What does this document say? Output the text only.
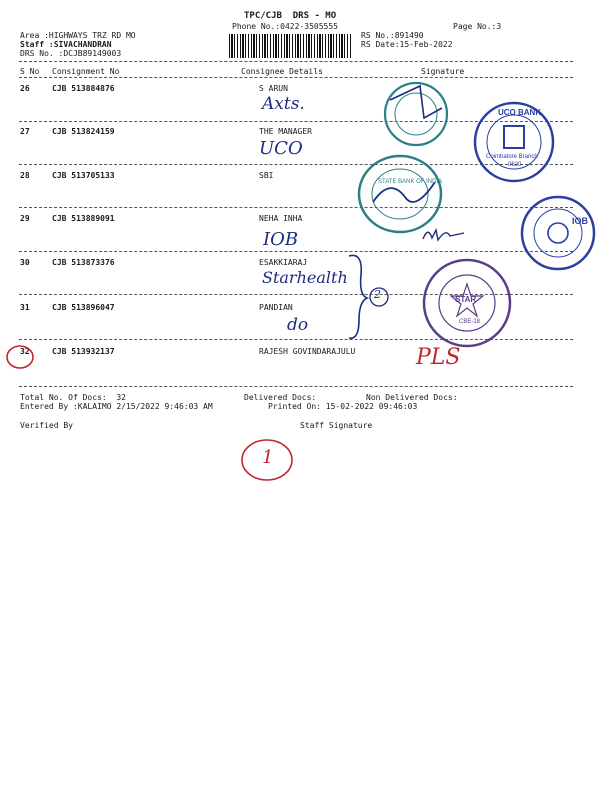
TPC/CJB  DRS - MO
Phone No.:0422-3505555	Page No.:3
Area :HIGHWAYS TRZ RD MO
Staff :SIVACHANDRAN
DRS No. :DCJB89149003
RS No.:891490
RS Date:15-Feb-2022
S No Consignment No	Consignee Details	Signature
26	CJB 513884876	S ARUN
27	CJB 513824159	THE MANAGER
28	CJB 513705133	SBI
29	CJB 513889091	NEHA INHA
30	CJB 513873376	ESAKKIARAJ
31	CJB 513896047	PANDIAN
32	CJB 513932137	RAJESH GOVINDARAJULU
Total No. Of Docs:  32	Delivered Docs:	Non Delivered Docs:
Entered By :KALAIMO 2/15/2022 9:46:03 AM	Printed On: 15-02-2022 09:46:03
Verified By	Staff Signature
Axts.
UCO
IOB
Starhealth
do
PLS
2
1
UCO BANK
Coimbatore Branch
0620
STATE BANK OF INDIA
IOB
STAR
CBE-18
